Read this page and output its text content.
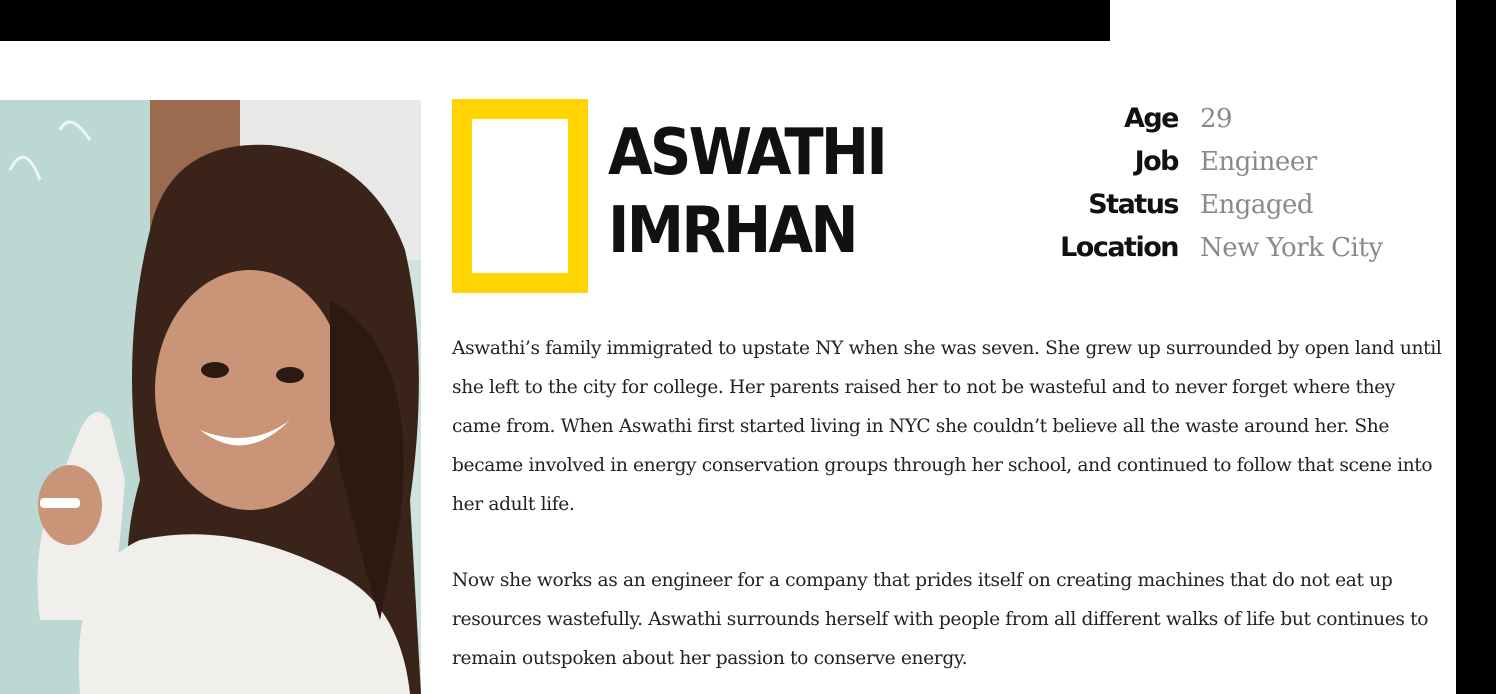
ASWATHI
IMRHAN
Age 29
Job Engineer
Status Engaged
Location New York City

Aswathi’s family immigrated to upstate NY when she was seven. She grew up surrounded by open land until she left to the city for college. Her parents raised her to not be wasteful and to never forget where they came from. When Aswathi first started living in NYC she couldn’t believe all the waste around her. She became involved in energy conservation groups through her school, and continued to follow that scene into her adult life.

Now she works as an engineer for a company that prides itself on creating machines that do not eat up resources wastefully. Aswathi surrounds herself with people from all different walks of life but continues to remain outspoken about her passion to conserve energy.
